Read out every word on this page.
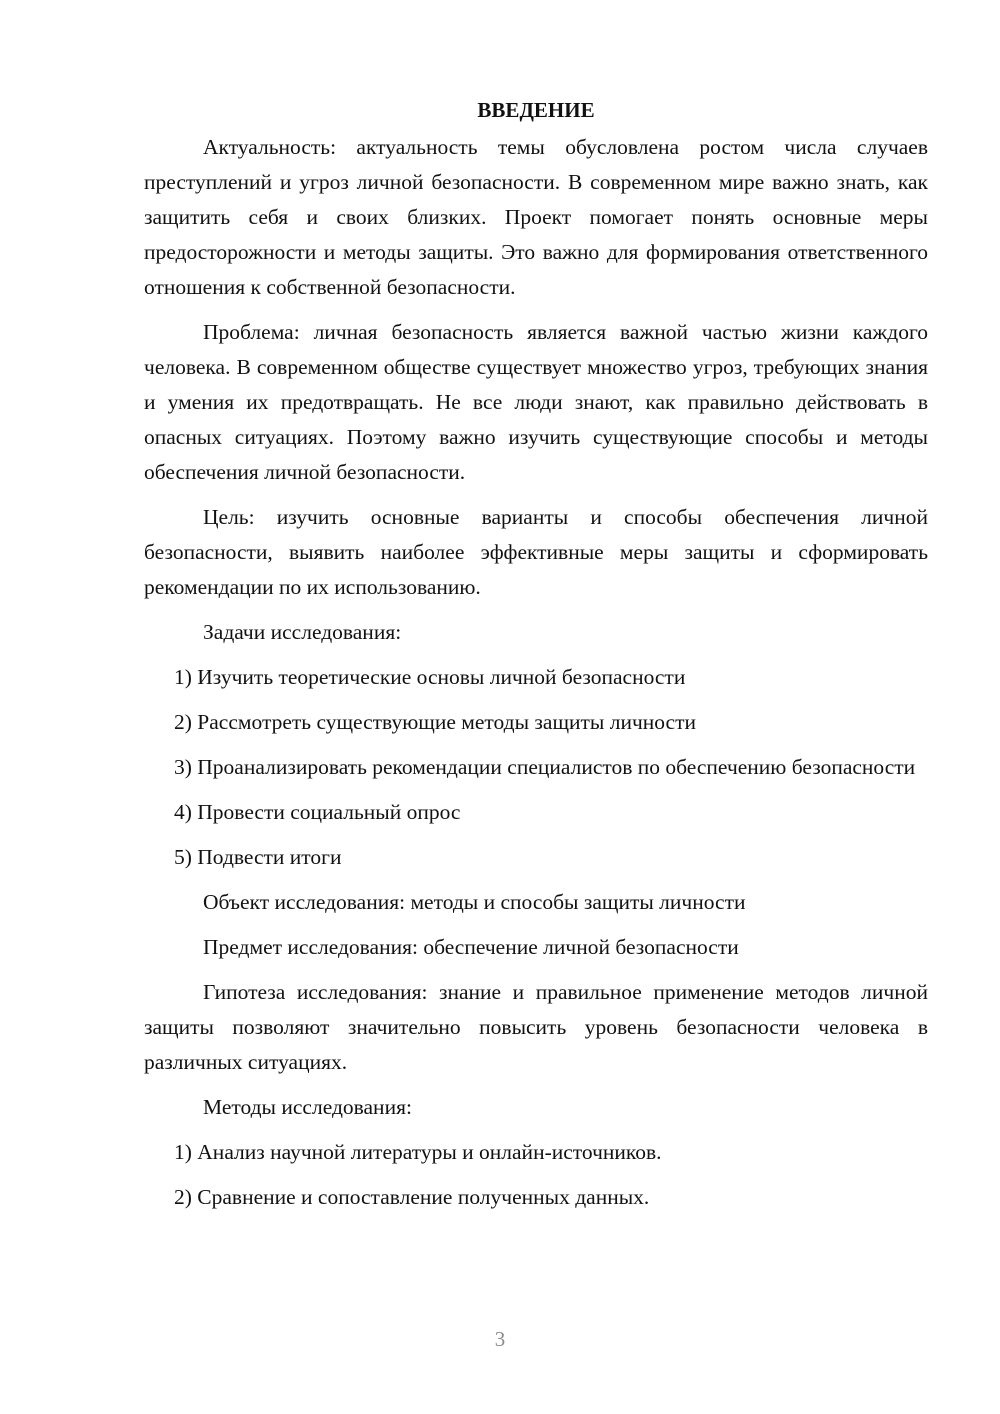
ВВЕДЕНИЕ

Актуальность: актуальность темы обусловлена ростом числа случаев преступлений и угроз личной безопасности. В современном мире важно знать, как защитить себя и своих близких. Проект помогает понять основные меры предосторожности и методы защиты. Это важно для формирования ответственного отношения к собственной безопасности.

Проблема: личная безопасность является важной частью жизни каждого человека. В современном обществе существует множество угроз, требующих знания и умения их предотвращать. Не все люди знают, как правильно действовать в опасных ситуациях. Поэтому важно изучить существующие способы и методы обеспечения личной безопасности.

Цель: изучить основные варианты и способы обеспечения личной безопасности, выявить наиболее эффективные меры защиты и сформировать рекомендации по их использованию.

Задачи исследования:

1) Изучить теоретические основы личной безопасности

2) Рассмотреть существующие методы защиты личности

3) Проанализировать рекомендации специалистов по обеспечению безопасности

4) Провести социальный опрос

5) Подвести итоги

Объект исследования: методы и способы защиты личности

Предмет исследования: обеспечение личной безопасности

Гипотеза исследования: знание и правильное применение методов личной защиты позволяют значительно повысить уровень безопасности человека в различных ситуациях.

Методы исследования:

1) Анализ научной литературы и онлайн-источников.

2) Сравнение и сопоставление полученных данных.

3
